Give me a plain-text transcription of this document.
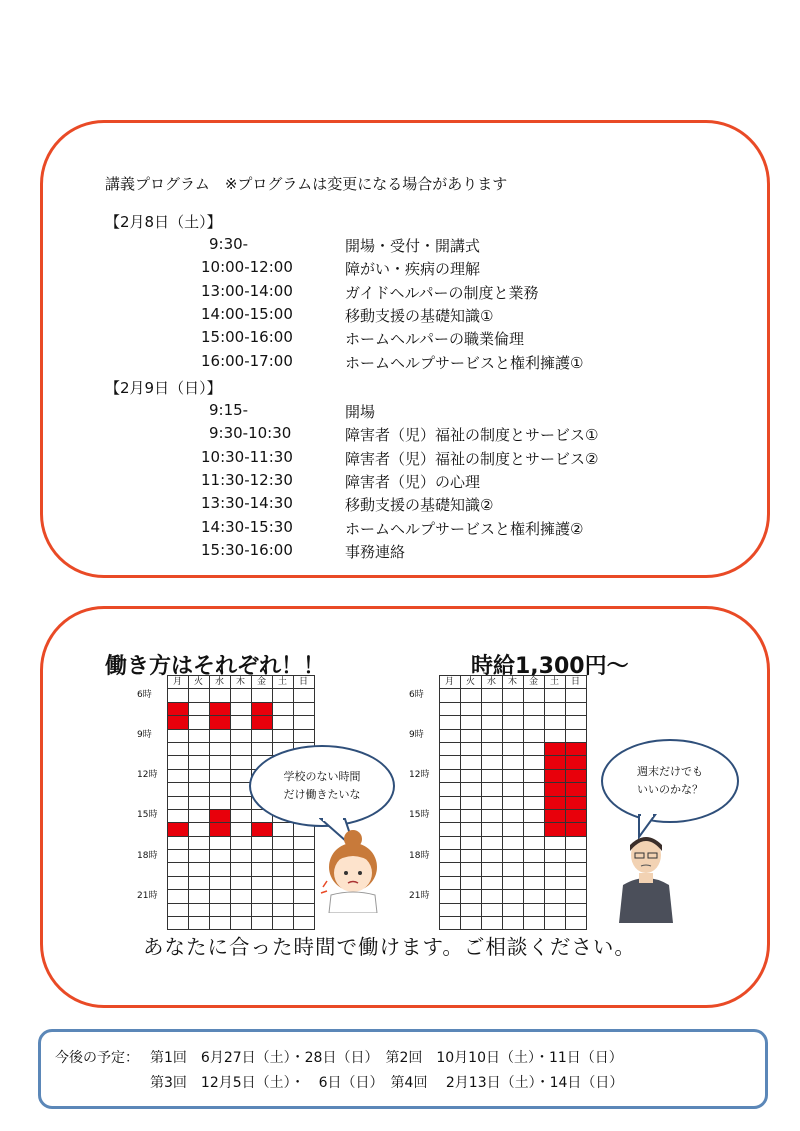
講義プログラム　※プログラムは変更になる場合があります
【2月8日（土）】
9:30-	開場・受付・開講式
10:00-12:00	障がい・疾病の理解
13:00-14:00	ガイドヘルパーの制度と業務
14:00-15:00	移動支援の基礎知識①
15:00-16:00	ホームヘルパーの職業倫理
16:00-17:00	ホームヘルプサービスと権利擁護①
【2月9日（日）】
9:15-	開場
9:30-10:30	障害者（児）福祉の制度とサービス①
10:30-11:30	障害者（児）福祉の制度とサービス②
11:30-12:30	障害者（児）の心理
13:30-14:30	移動支援の基礎知識②
14:30-15:30	ホームヘルプサービスと権利擁護②
15:30-16:00	事務連絡
働き方はそれぞれ！！	時給1,300円～
	月	火	水	木	金	土	日
6時							

9時							

12時							

15時							

18時							

21時							

	月	火	水	木	金	土	日
6時							

9時							

12時							

15時							

18時							

21時							

学校のない時間
だけ働きたいな
週末だけでも
いいのかな？
あなたに合った時間で働けます。ご相談ください。
今後の予定： 第1回　6月27日（土）・28日（日）　第2回　10月10日（土）・11日（日）
第3回　12月5日（土）・　6日（日）　第4回　 2月13日（土）・14日（日）
